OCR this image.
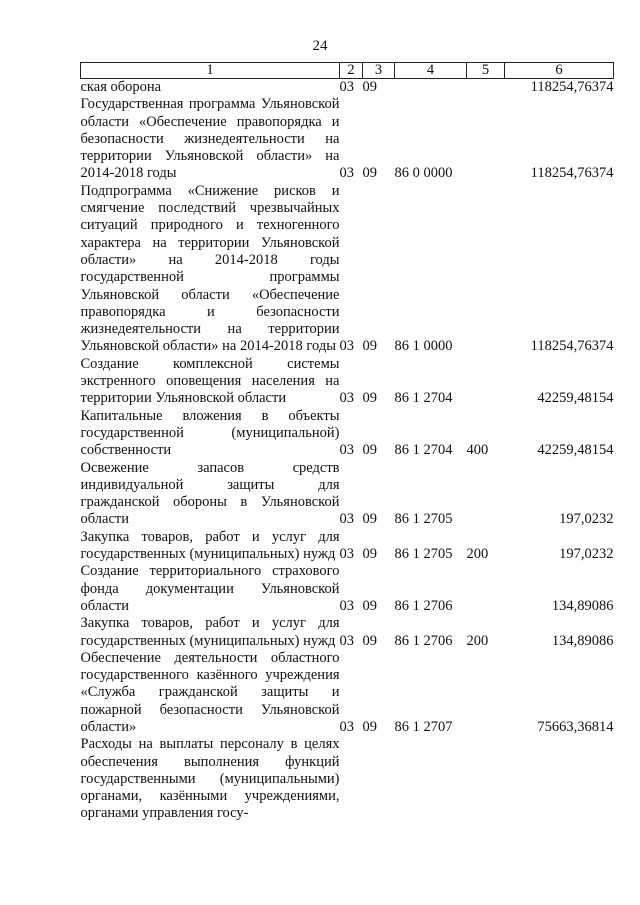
24
1	2	3	4	5	6
ская оборона	03	09			118254,76374
Государственная программа Ульяновской области «Обеспечение правопорядка и безопасности жизнедеятельности на территории Ульяновской области» на 2014-2018 годы	03	09	86 0 0000		118254,76374
Подпрограмма «Снижение рисков и смягчение последствий чрезвычайных ситуаций природного и техногенного характера на территории Ульяновской области» на 2014-2018 годы государственной программы Ульяновской области «Обеспечение правопорядка и безопасности жизнедеятельности на территории Ульяновской области» на 2014-2018 годы	03	09	86 1 0000		118254,76374
Создание комплексной системы экстренного оповещения населения на территории Ульяновской области	03	09	86 1 2704		42259,48154
Капитальные вложения в объекты государственной (муниципальной) собственности	03	09	86 1 2704	400	42259,48154
Освежение запасов средств индивидуальной защиты для гражданской обороны в Ульяновской области	03	09	86 1 2705		197,0232
Закупка товаров, работ и услуг для государственных (муниципальных) нужд	03	09	86 1 2705	200	197,0232
Создание территориального страхового фонда документации Ульяновской области	03	09	86 1 2706		134,89086
Закупка товаров, работ и услуг для государственных (муниципальных) нужд	03	09	86 1 2706	200	134,89086
Обеспечение деятельности областного государственного казённого учреждения «Служба гражданской защиты и пожарной безопасности Ульяновской области»	03	09	86 1 2707		75663,36814
Расходы на выплаты персоналу в целях обеспечения выполнения функций государственными (муниципальными) органами, казёнными учреждениями, органами управления госу-					
